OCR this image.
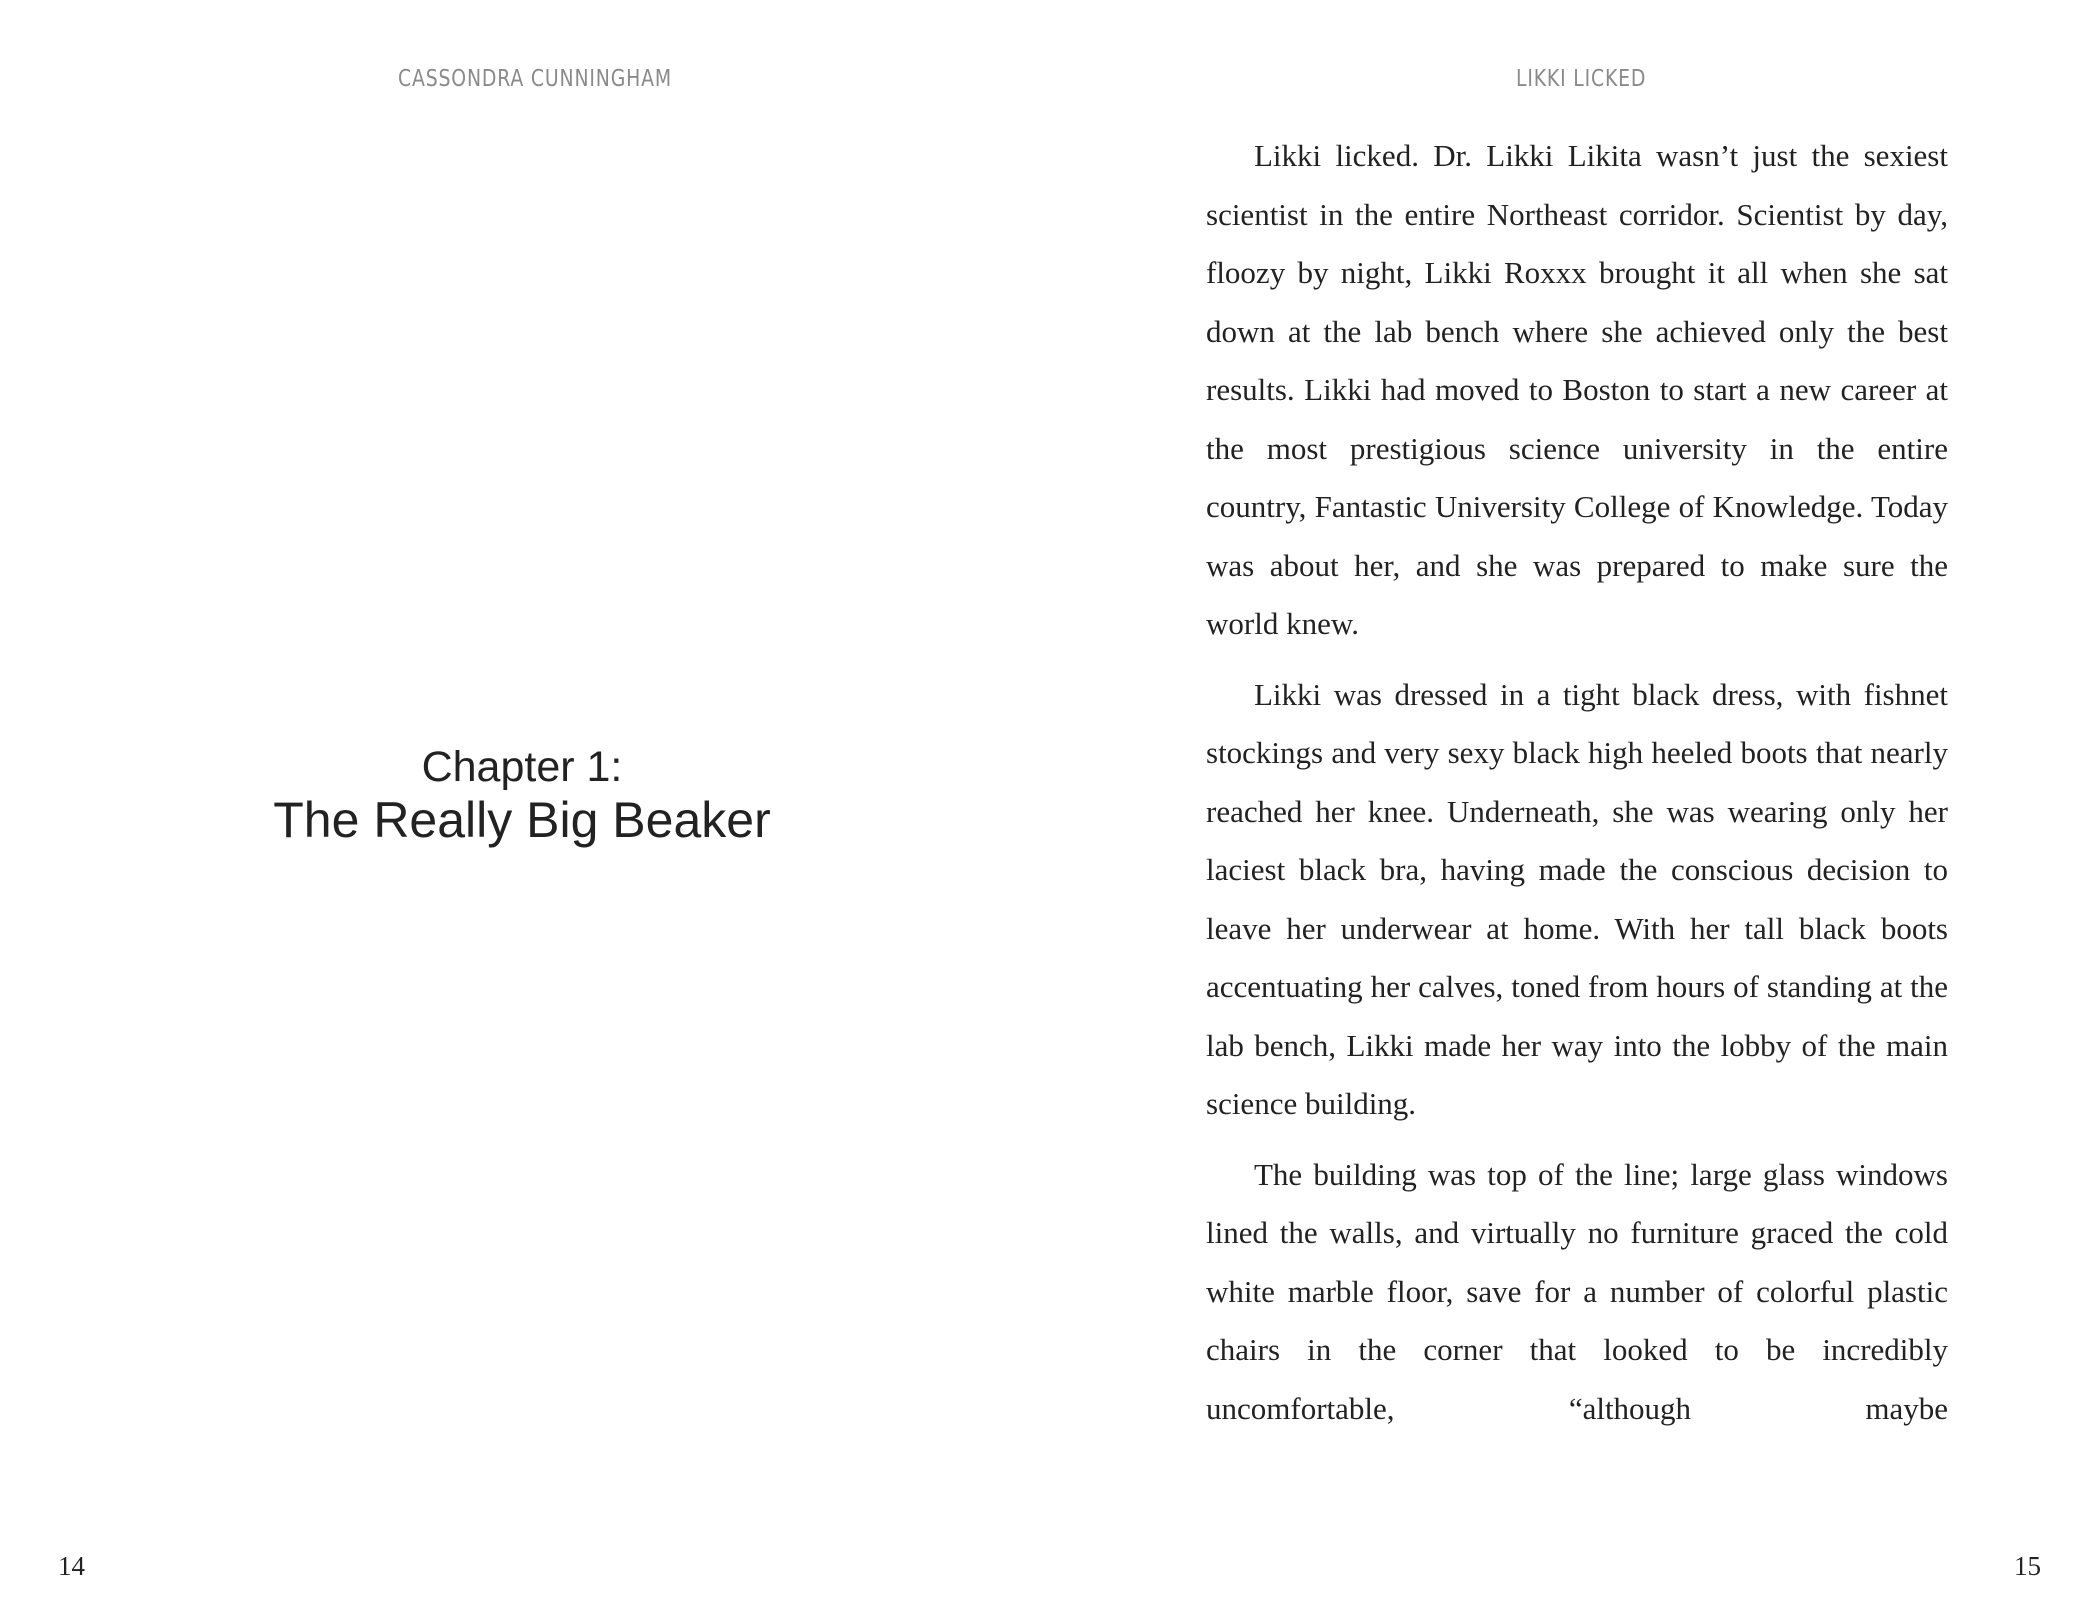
CASSONDRA CUNNINGHAM
Chapter 1:
The Really Big Beaker
14
LIKKI LICKED

Likki licked. Dr. Likki Likita wasn’t just the sexiest scientist in the entire Northeast corridor. Scientist by day, floozy by night, Likki Roxxx brought it all when she sat down at the lab bench where she achieved only the best results. Likki had moved to Boston to start a new career at the most prestigious science university in the entire country, Fantastic University College of Knowledge. Today was about her, and she was prepared to make sure the world knew.

Likki was dressed in a tight black dress, with fishnet stockings and very sexy black high heeled boots that nearly reached her knee. Underneath, she was wearing only her laciest black bra, having made the conscious decision to leave her underwear at home. With her tall black boots accentuating her calves, toned from hours of standing at the lab bench, Likki made her way into the lobby of the main science building.

The building was top of the line; large glass windows lined the walls, and virtually no furniture graced the cold white marble floor, save for a number of colorful plastic chairs in the corner that looked to be incredibly uncomfortable, “although maybe

15
